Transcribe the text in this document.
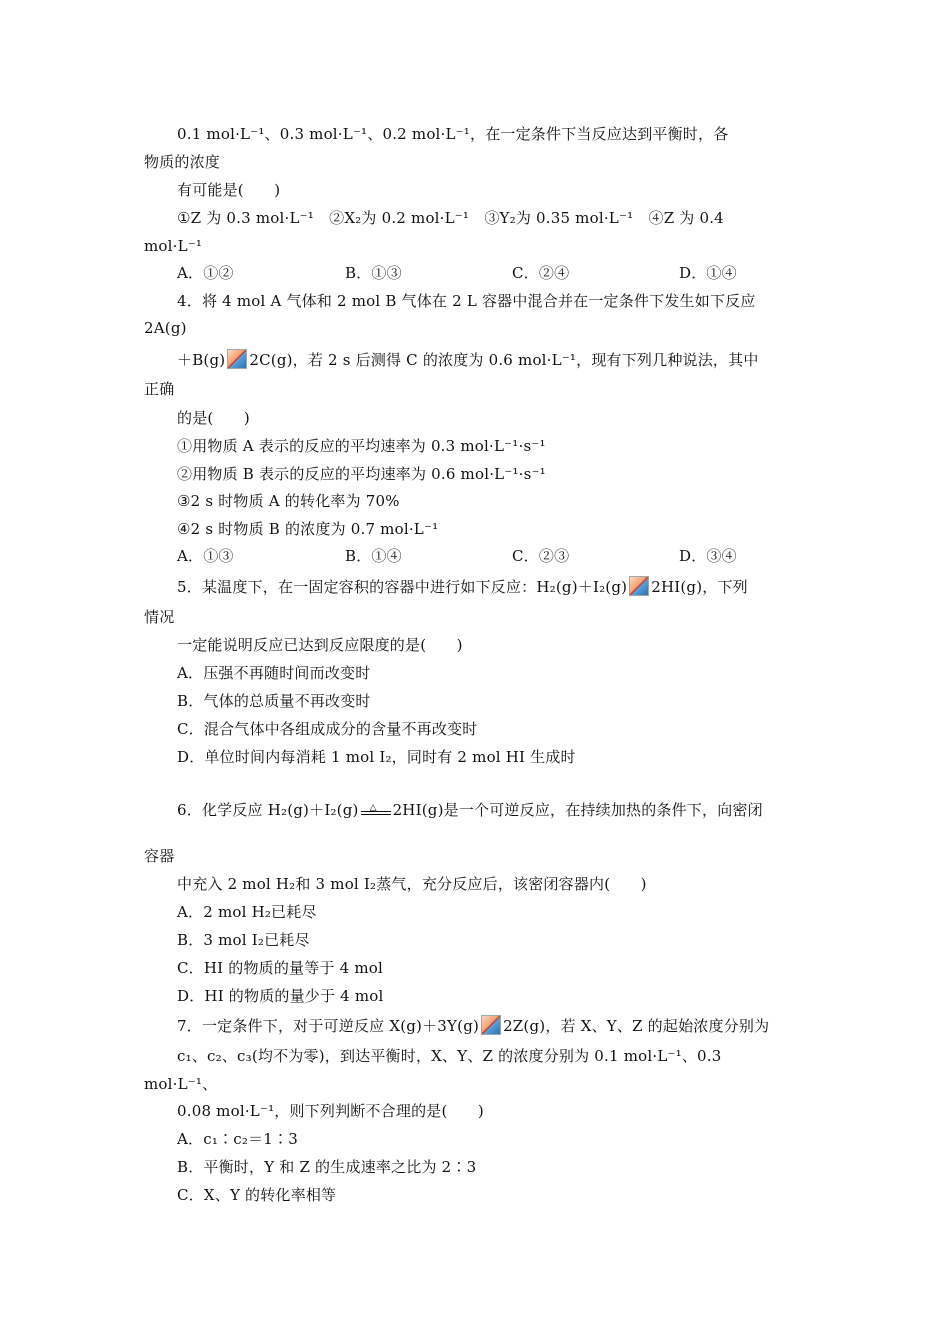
0.1 mol·L⁻¹、0.3 mol·L⁻¹、0.2 mol·L⁻¹，在一定条件下当反应达到平衡时，各
物质的浓度
有可能是(　　)
①Z 为 0.3 mol·L⁻¹　②X₂为 0.2 mol·L⁻¹　③Y₂为 0.35 mol·L⁻¹　④Z 为 0.4
mol·L⁻¹
A．①②	B．①③	C．②④	D．①④
4．将 4 mol A 气体和 2 mol B 气体在 2 L 容器中混合并在一定条件下发生如下反应
2A(g)
＋B(g) 2C(g)，若 2 s 后测得 C 的浓度为 0.6 mol·L⁻¹，现有下列几种说法，其中
正确
的是(　　)
①用物质 A 表示的反应的平均速率为 0.3 mol·L⁻¹·s⁻¹
②用物质 B 表示的反应的平均速率为 0.6 mol·L⁻¹·s⁻¹
③2 s 时物质 A 的转化率为 70%
④2 s 时物质 B 的浓度为 0.7 mol·L⁻¹
A．①③	B．①④	C．②③	D．③④
5．某温度下，在一固定容积的容器中进行如下反应：H₂(g)＋I₂(g) 2HI(g)，下列
情况
一定能说明反应已达到反应限度的是(　　)
A．压强不再随时间而改变时
B．气体的总质量不再改变时
C．混合气体中各组成成分的含量不再改变时
D．单位时间内每消耗 1 mol I₂，同时有 2 mol HI 生成时
6．化学反应 H₂(g)＋I₂(g) △ 2HI(g)是一个可逆反应，在持续加热的条件下，向密闭
容器
中充入 2 mol H₂和 3 mol I₂蒸气，充分反应后，该密闭容器内(　　)
A．2 mol H₂已耗尽
B．3 mol I₂已耗尽
C．HI 的物质的量等于 4 mol
D．HI 的物质的量少于 4 mol
7．一定条件下，对于可逆反应 X(g)＋3Y(g) 2Z(g)，若 X、Y、Z 的起始浓度分别为
c₁、c₂、c₃(均不为零)，到达平衡时，X、Y、Z 的浓度分别为 0.1 mol·L⁻¹、0.3
mol·L⁻¹、
0.08 mol·L⁻¹，则下列判断不合理的是(　　)
A．c₁∶c₂＝1∶3
B．平衡时，Y 和 Z 的生成速率之比为 2∶3
C．X、Y 的转化率相等
